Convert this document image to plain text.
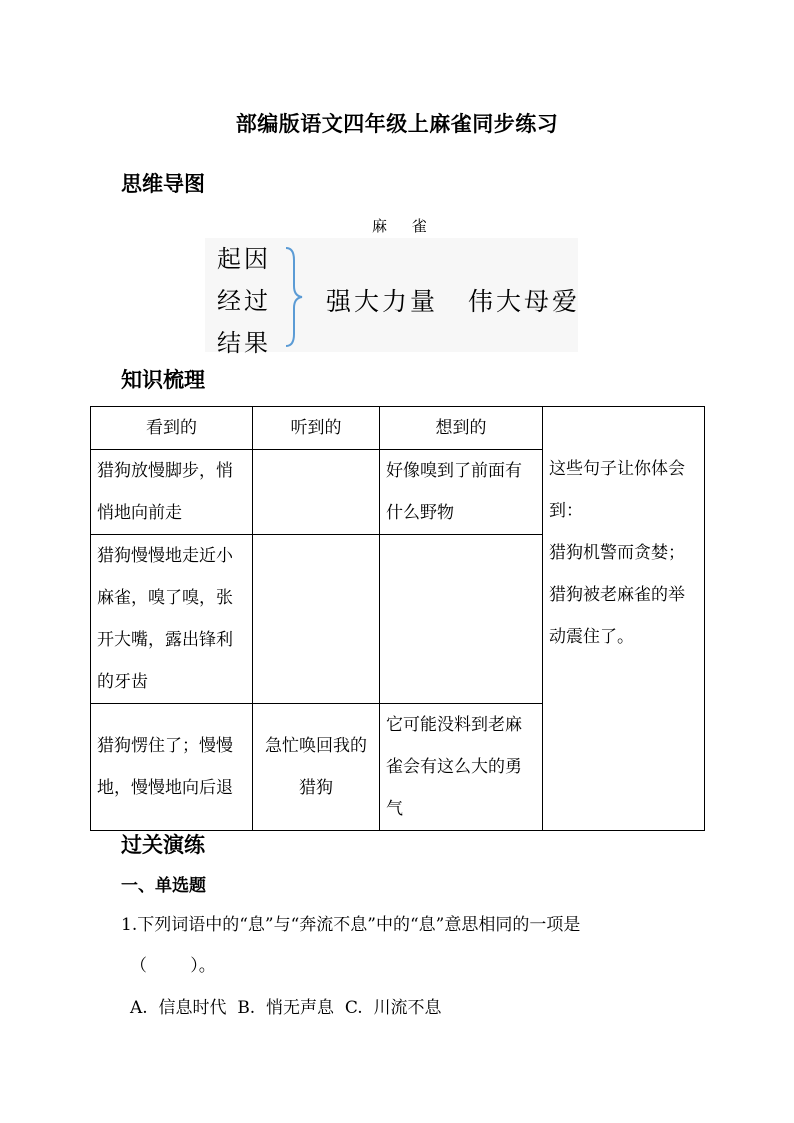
部编版语文四年级上麻雀同步练习
思维导图
麻 雀
起因
经过
结果
强大力量 伟大母爱
知识梳理
看到的	听到的	想到的	这些句子让你体会到：
猎狗机警而贪婪；
猎狗被老麻雀的举动震住了。

猎狗放慢脚步，悄悄地向前走		好像嗅到了前面有什么野物	
猎狗慢慢地走近小麻雀，嗅了嗅，张开大嘴，露出锋利的牙齿			
猎狗愣住了；慢慢地，慢慢地向后退	急忙唤回我的猎狗	它可能没料到老麻雀会有这么大的勇气	
过关演练
一、单选题
1.下列词语中的“息”与“奔流不息”中的“息”意思相同的一项是
（        ）。
A.  信息时代 B.  悄无声息 C.  川流不息
